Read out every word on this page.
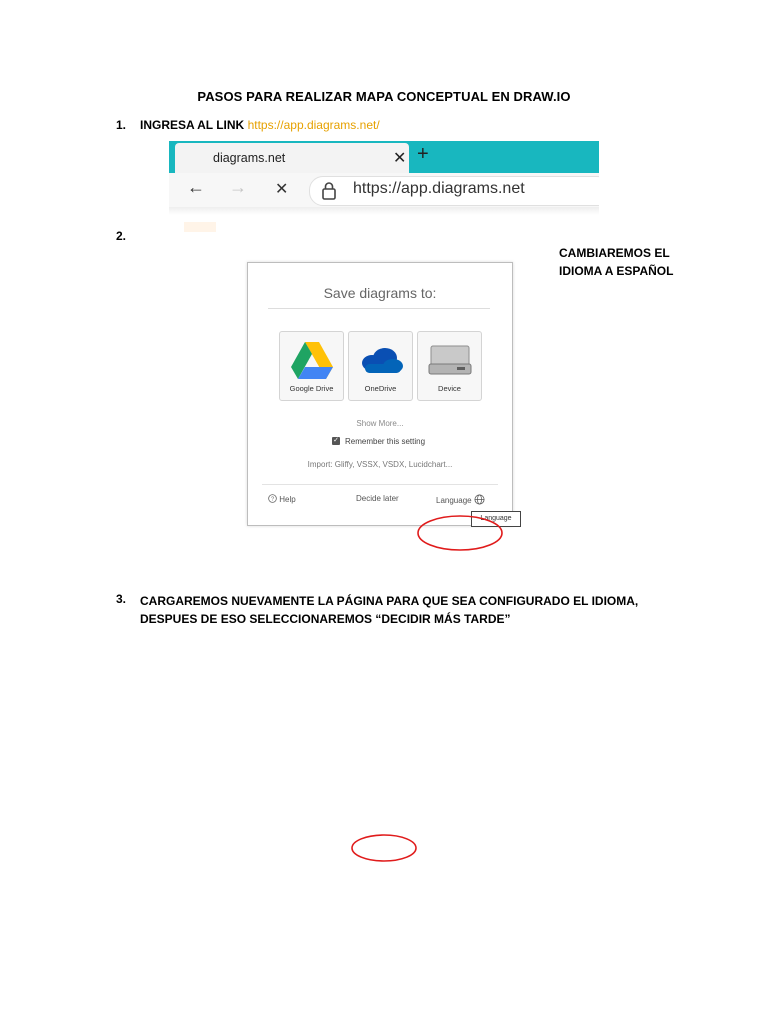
PASOS PARA REALIZAR MAPA CONCEPTUAL EN DRAW.IO
1. INGRESA AL LINK https://app.diagrams.net/
diagrams.net	✕ +
← → ✕	https://app.diagrams.net
2.
Save diagrams to:
Google Drive	OneDrive	Device
Show More...
✓ Remember this setting
Import: Gliffy, VSSX, VSDX, Lucidchart...
? Help	Decide later	Language
Language
CAMBIAREMOS EL
IDIOMA A ESPAÑOL
3. CARGAREMOS NUEVAMENTE LA PÁGINA PARA QUE SEA CONFIGURADO EL IDIOMA,
DESPUES DE ESO SELECCIONAREMOS “DECIDIR MÁS TARDE”
